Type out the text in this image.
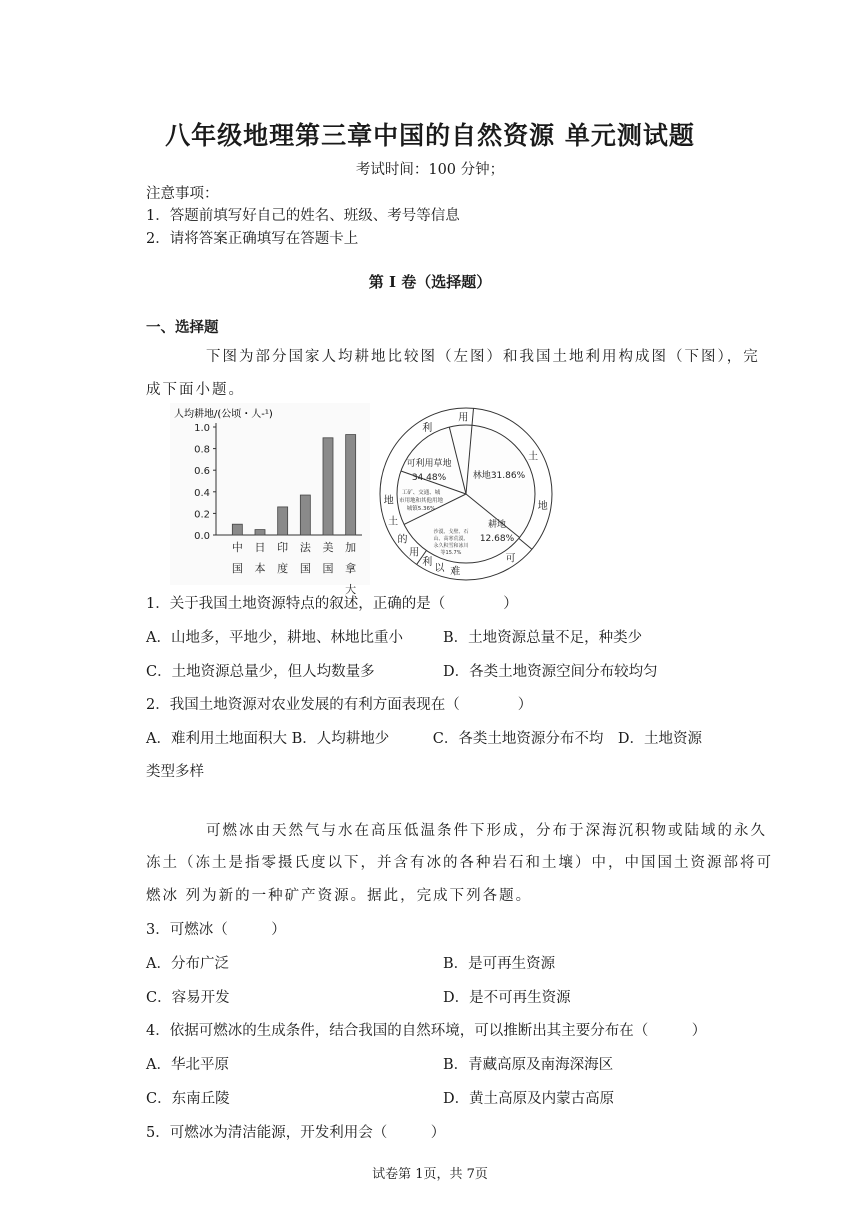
八年级地理第三章中国的自然资源 单元测试题
考试时间：100 分钟；
注意事项：
1．答题前填写好自己的姓名、班级、考号等信息
2．请将答案正确填写在答题卡上
第 I 卷（选择题）
一、选择题
下图为部分国家人均耕地比较图（左图）和我国土地利用构成图（下图），完
成下面小题。
人均耕地/(公顷・人-¹)
0.0
0.2
0.4
0.6
0.8
1.0
中
国
日
本
印
度
法
国
美
国
加
拿
大
利
用
土
地
可
难
以
利
用
的
土
地
可利用草地
34.48%	林地31.86%
耕地
12.68%
工矿、交通、城
市用地和其他用地
城镇5.36%
沙漠、戈壁、石
山、高寒荒漠、
永久积雪和冰川
等15.7%
1．关于我国土地资源特点的叙述，正确的是（　　　　）
A．山地多，平地少，耕地、林地比重小	B．土地资源总量不足，种类少
C．土地资源总量少，但人均数量多	D．各类土地资源空间分布较均匀
2．我国土地资源对农业发展的有利方面表现在（　　　　）
A．难利用土地面积大 B．人均耕地少　　　C．各类土地资源分布不均　D．土地资源
类型多样
可燃冰由天然气与水在高压低温条件下形成，分布于深海沉积物或陆域的永久
冻土（冻土是指零摄氏度以下，并含有冰的各种岩石和土壤）中，中国国土资源部将可
燃冰 列为新的一种矿产资源。据此，完成下列各题。
3．可燃冰（　　　）
A．分布广泛	B．是可再生资源
C．容易开发	D．是不可再生资源
4．依据可燃冰的生成条件，结合我国的自然环境，可以推断出其主要分布在（　　　）
A．华北平原	B．青藏高原及南海深海区
C．东南丘陵	D．黄土高原及内蒙古高原
5．可燃冰为清洁能源，开发利用会（　　　）
试卷第 1页，共 7页
